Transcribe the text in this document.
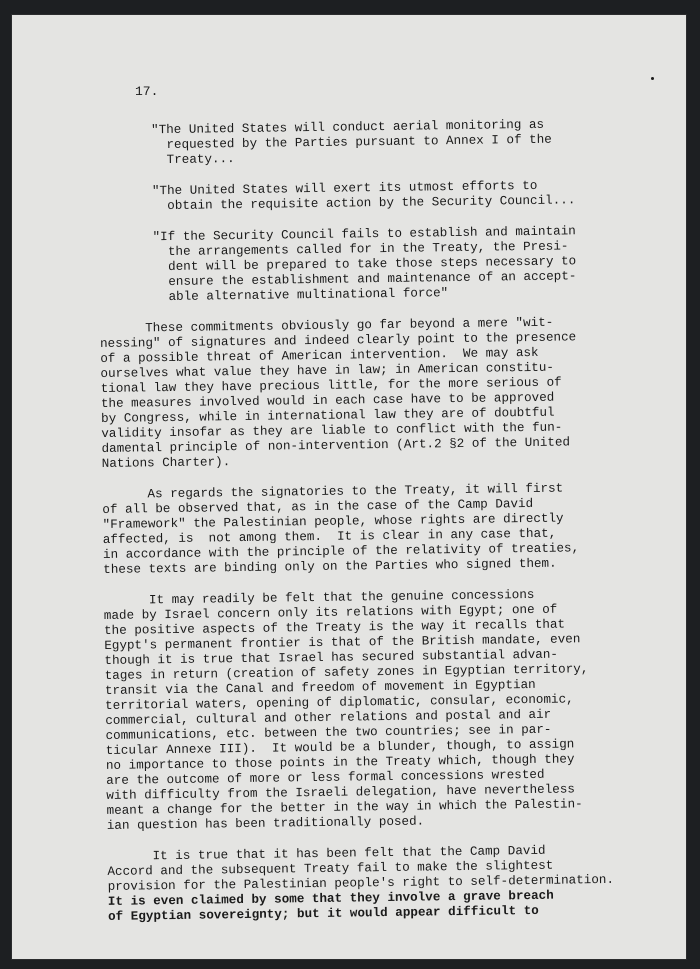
17.

"The United States will conduct aerial monitoring as

requested by the Parties pursuant to Annex I of the

Treaty...

"The United States will exert its utmost efforts to

obtain the requisite action by the Security Council...

"If the Security Council fails to establish and maintain

the arrangements called for in the Treaty, the Presi-

dent will be prepared to take those steps necessary to

ensure the establishment and maintenance of an accept-

able alternative multinational force"

These commitments obviously go far beyond a mere "wit-

nessing" of signatures and indeed clearly point to the presence

of a possible threat of American intervention.  We may ask

ourselves what value they have in law; in American constitu-

tional law they have precious little, for the more serious of

the measures involved would in each case have to be approved

by Congress, while in international law they are of doubtful

validity insofar as they are liable to conflict with the fun-

damental principle of non-intervention (Art.2 §2 of the United

Nations Charter).

As regards the signatories to the Treaty, it will first

of all be observed that, as in the case of the Camp David

"Framework" the Palestinian people, whose rights are directly

affected, is  not among them.  It is clear in any case that,

in accordance with the principle of the relativity of treaties,

these texts are binding only on the Parties who signed them.

It may readily be felt that the genuine concessions

made by Israel concern only its relations with Egypt; one of

the positive aspects of the Treaty is the way it recalls that

Egypt's permanent frontier is that of the British mandate, even

though it is true that Israel has secured substantial advan-

tages in return (creation of safety zones in Egyptian territory,

transit via the Canal and freedom of movement in Egyptian

territorial waters, opening of diplomatic, consular, economic,

commercial, cultural and other relations and postal and air

communications, etc. between the two countries; see in par-

ticular Annexe III).  It would be a blunder, though, to assign

no importance to those points in the Treaty which, though they

are the outcome of more or less formal concessions wrested

with difficulty from the Israeli delegation, have nevertheless

meant a change for the better in the way in which the Palestin-

ian question has been traditionally posed.

It is true that it has been felt that the Camp David

Accord and the subsequent Treaty fail to make the slightest

provision for the Palestinian people's right to self-determination.

It is even claimed by some that they involve a grave breach

of Egyptian sovereignty; but it would appear difficult to
